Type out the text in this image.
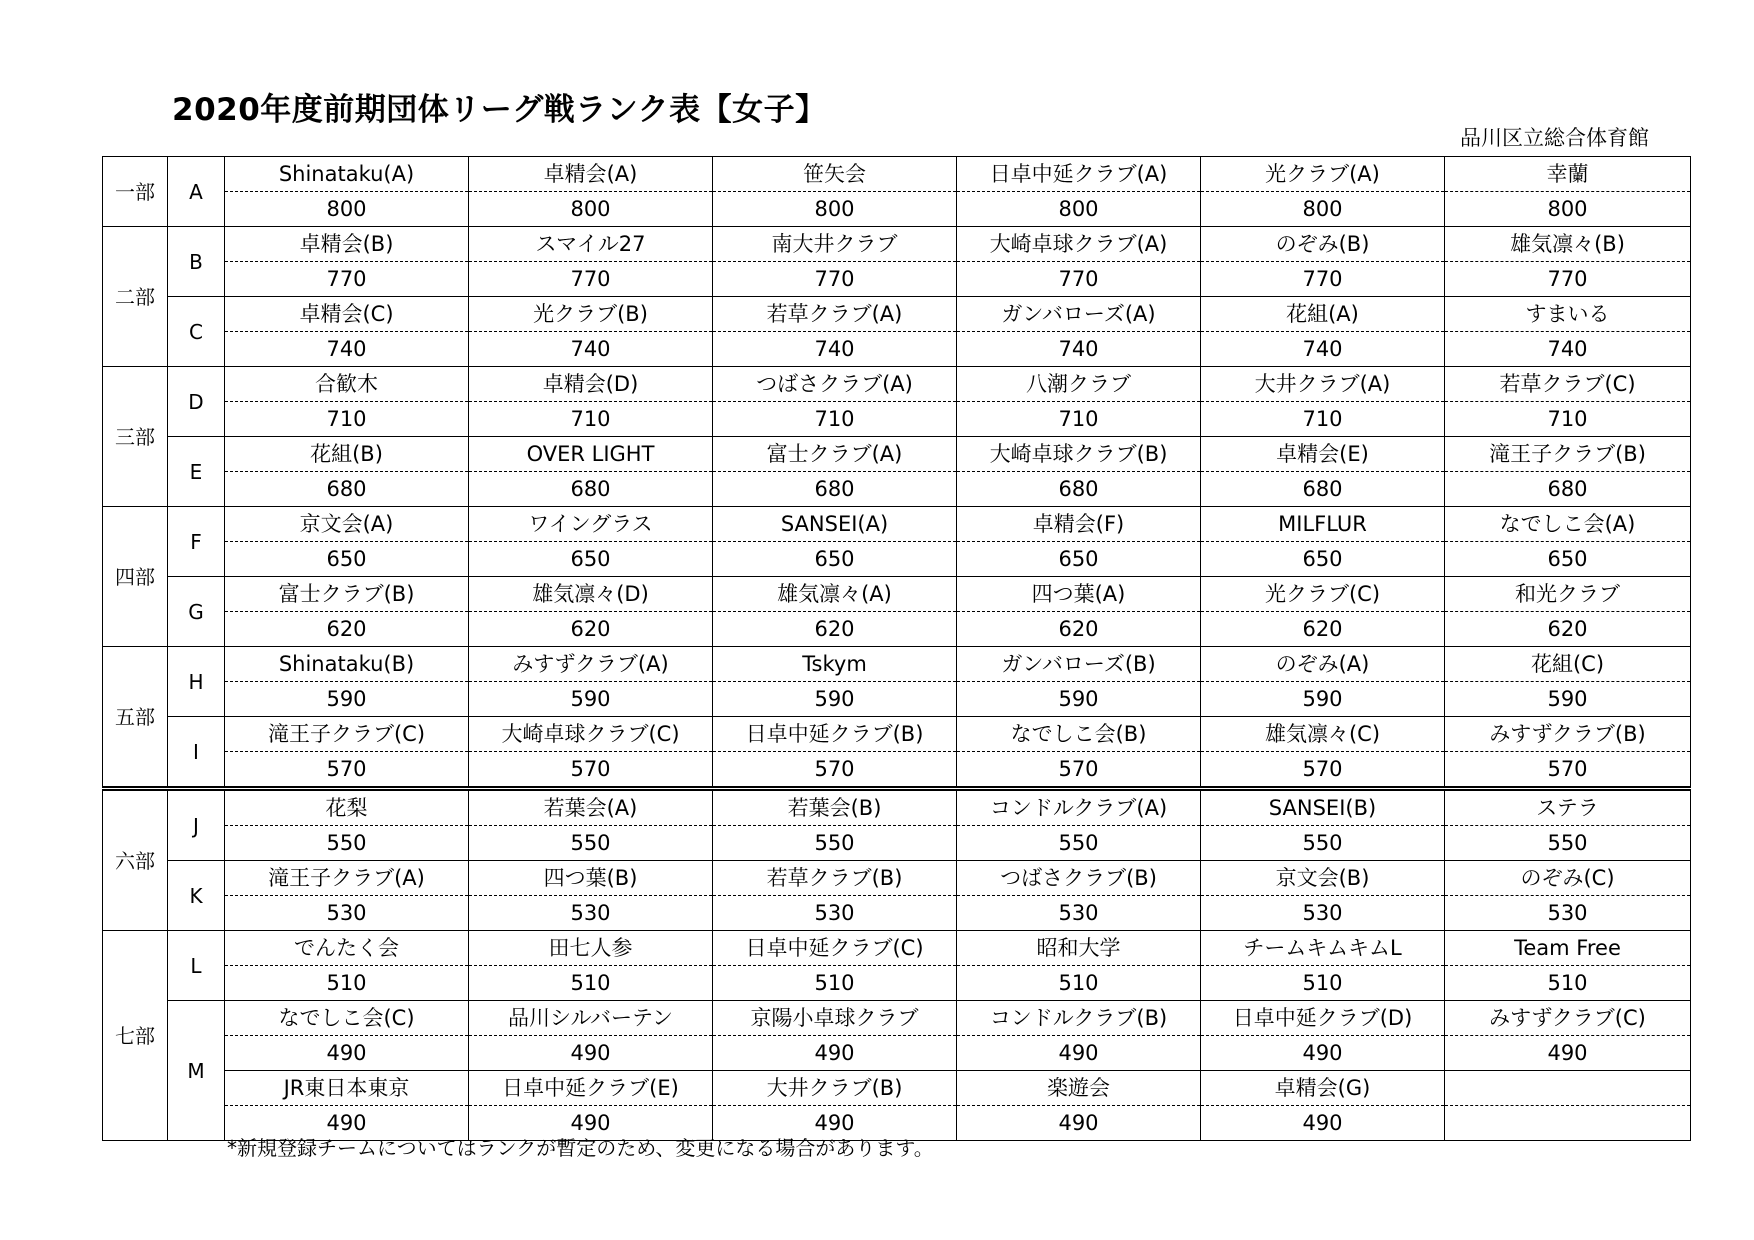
2020年度前期団体リーグ戦ランク表【女子】
品川区立総合体育館
一部	A	Shinataku(A)	卓精会(A)	笹矢会	日卓中延クラブ(A)	光クラブ(A)	幸蘭
		800	800	800	800	800	800
二部	B	卓精会(B)	スマイル27	南大井クラブ	大崎卓球クラブ(A)	のぞみ(B)	雄気凛々(B)
		770	770	770	770	770	770
	C	卓精会(C)	光クラブ(B)	若草クラブ(A)	ガンバローズ(A)	花組(A)	すまいる
		740	740	740	740	740	740
三部	D	合歓木	卓精会(D)	つばさクラブ(A)	八潮クラブ	大井クラブ(A)	若草クラブ(C)
		710	710	710	710	710	710
	E	花組(B)	OVER LIGHT	富士クラブ(A)	大崎卓球クラブ(B)	卓精会(E)	滝王子クラブ(B)
		680	680	680	680	680	680
四部	F	京文会(A)	ワイングラス	SANSEI(A)	卓精会(F)	MILFLUR	なでしこ会(A)
		650	650	650	650	650	650
	G	富士クラブ(B)	雄気凛々(D)	雄気凛々(A)	四つ葉(A)	光クラブ(C)	和光クラブ
		620	620	620	620	620	620
五部	H	Shinataku(B)	みすずクラブ(A)	Tskym	ガンバローズ(B)	のぞみ(A)	花組(C)
		590	590	590	590	590	590
	I	滝王子クラブ(C)	大崎卓球クラブ(C)	日卓中延クラブ(B)	なでしこ会(B)	雄気凛々(C)	みすずクラブ(B)
		570	570	570	570	570	570
六部	J	花梨	若葉会(A)	若葉会(B)	コンドルクラブ(A)	SANSEI(B)	ステラ
		550	550	550	550	550	550
	K	滝王子クラブ(A)	四つ葉(B)	若草クラブ(B)	つばさクラブ(B)	京文会(B)	のぞみ(C)
		530	530	530	530	530	530
七部	L	でんたく会	田七人参	日卓中延クラブ(C)	昭和大学	チームキムキムL	Team Free
		510	510	510	510	510	510
	M	なでしこ会(C)	品川シルバーテン	京陽小卓球クラブ	コンドルクラブ(B)	日卓中延クラブ(D)	みすずクラブ(C)
		490	490	490	490	490	490
		JR東日本東京	日卓中延クラブ(E)	大井クラブ(B)	楽遊会	卓精会(G)	
		490	490	490	490	490	
*新規登録チームについてはランクが暫定のため、変更になる場合があります。
